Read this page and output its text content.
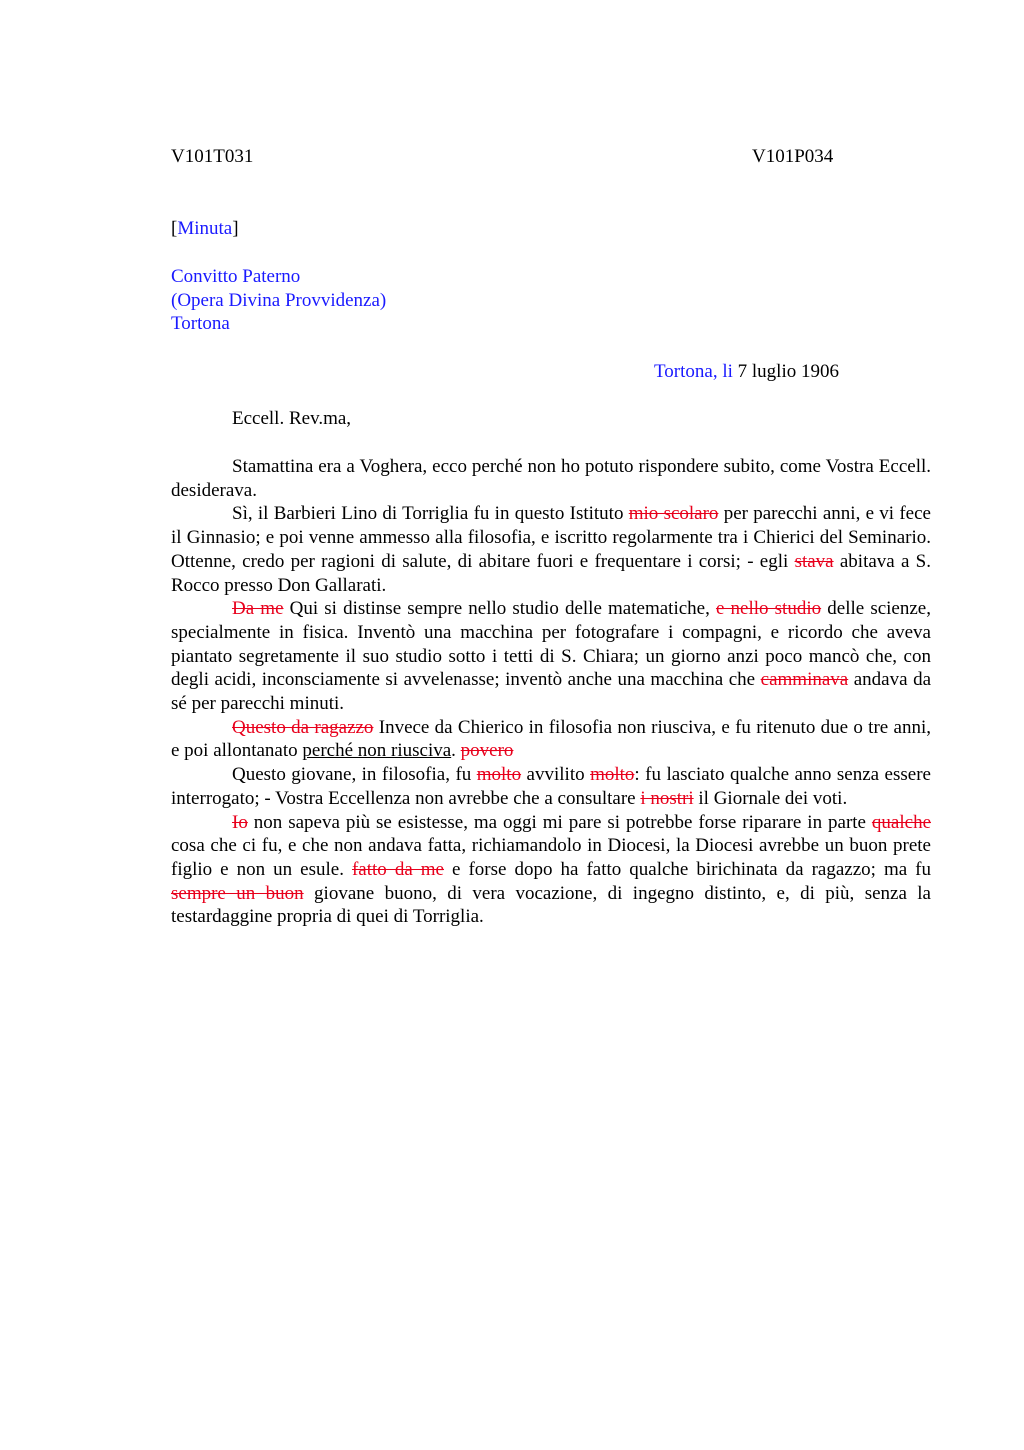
V101T031	V101P034
[Minuta]
Convitto Paterno
(Opera Divina Provvidenza)
Tortona
Tortona, li 7 luglio 1906
Eccell. Rev.ma,

Stamattina era a Voghera, ecco perché non ho potuto rispondere subito, come Vostra Eccell. desiderava.

Sì, il Barbieri Lino di Torriglia fu in questo Istituto mio scolaro per parecchi anni, e vi fece il Ginnasio; e poi venne ammesso alla filosofia, e iscritto regolarmente tra i Chierici del Seminario. Ottenne, credo per ragioni di salute, di abitare fuori e frequentare i corsi; - egli stava abitava a S. Rocco presso Don Gallarati.

Da me Qui si distinse sempre nello studio delle matematiche, e nello studio delle scienze, specialmente in fisica. Inventò una macchina per fotografare i compagni, e ricordo che aveva piantato segretamente il suo studio sotto i tetti di S. Chiara; un giorno anzi poco mancò che, con degli acidi, inconsciamente si avvelenasse; inventò anche una macchina che camminava andava da sé per parecchi minuti.

Questo da ragazzo Invece da Chierico in filosofia non riusciva, e fu ritenuto due o tre anni, e poi allontanato perché non riusciva. povero

Questo giovane, in filosofia, fu molto avvilito molto: fu lasciato qualche anno senza essere interrogato; - Vostra Eccellenza non avrebbe che a consultare i nostri il Giornale dei voti.

Io non sapeva più se esistesse, ma oggi mi pare si potrebbe forse riparare in parte qualche cosa che ci fu, e che non andava fatta, richiamandolo in Diocesi, la Diocesi avrebbe un buon prete figlio e non un esule. fatto da me e forse dopo ha fatto qualche birichinata da ragazzo; ma fu sempre un buon giovane buono, di vera vocazione, di ingegno distinto, e, di più, senza la testardaggine propria di quei di Torriglia.
